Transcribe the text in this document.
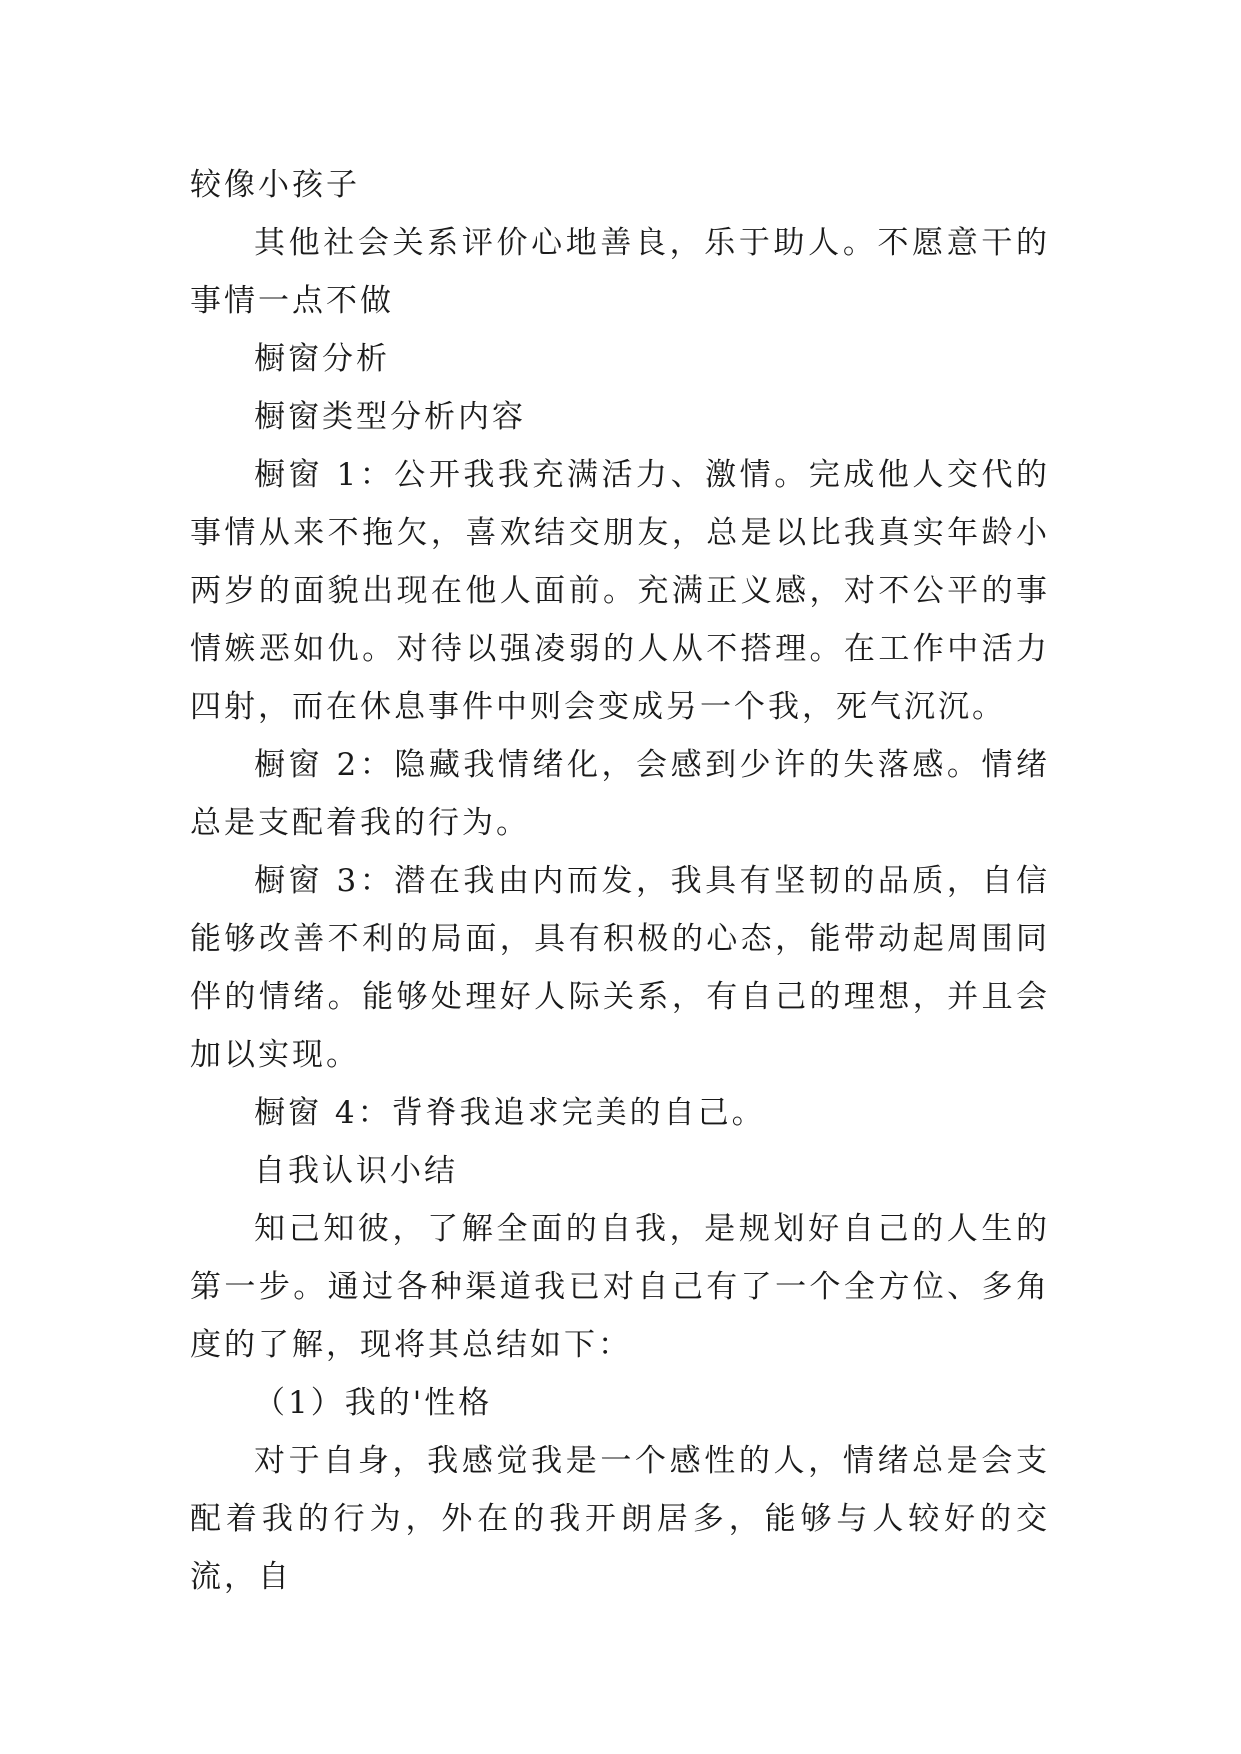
较像小孩子

其他社会关系评价心地善良，乐于助人。不愿意干的事情一点不做

橱窗分析

橱窗类型分析内容

橱窗 1：公开我我充满活力、激情。完成他人交代的事情从来不拖欠，喜欢结交朋友，总是以比我真实年龄小两岁的面貌出现在他人面前。充满正义感，对不公平的事情嫉恶如仇。对待以强凌弱的人从不搭理。在工作中活力四射，而在休息事件中则会变成另一个我，死气沉沉。

橱窗 2：隐藏我情绪化，会感到少许的失落感。情绪总是支配着我的行为。

橱窗 3：潜在我由内而发，我具有坚韧的品质，自信能够改善不利的局面，具有积极的心态，能带动起周围同伴的情绪。能够处理好人际关系，有自己的理想，并且会加以实现。

橱窗 4：背脊我追求完美的自己。

自我认识小结

知己知彼，了解全面的自我，是规划好自己的人生的第一步。通过各种渠道我已对自己有了一个全方位、多角度的了解，现将其总结如下：

（1）我的'性格

对于自身，我感觉我是一个感性的人，情绪总是会支配着我的行为，外在的我开朗居多，能够与人较好的交流，自
